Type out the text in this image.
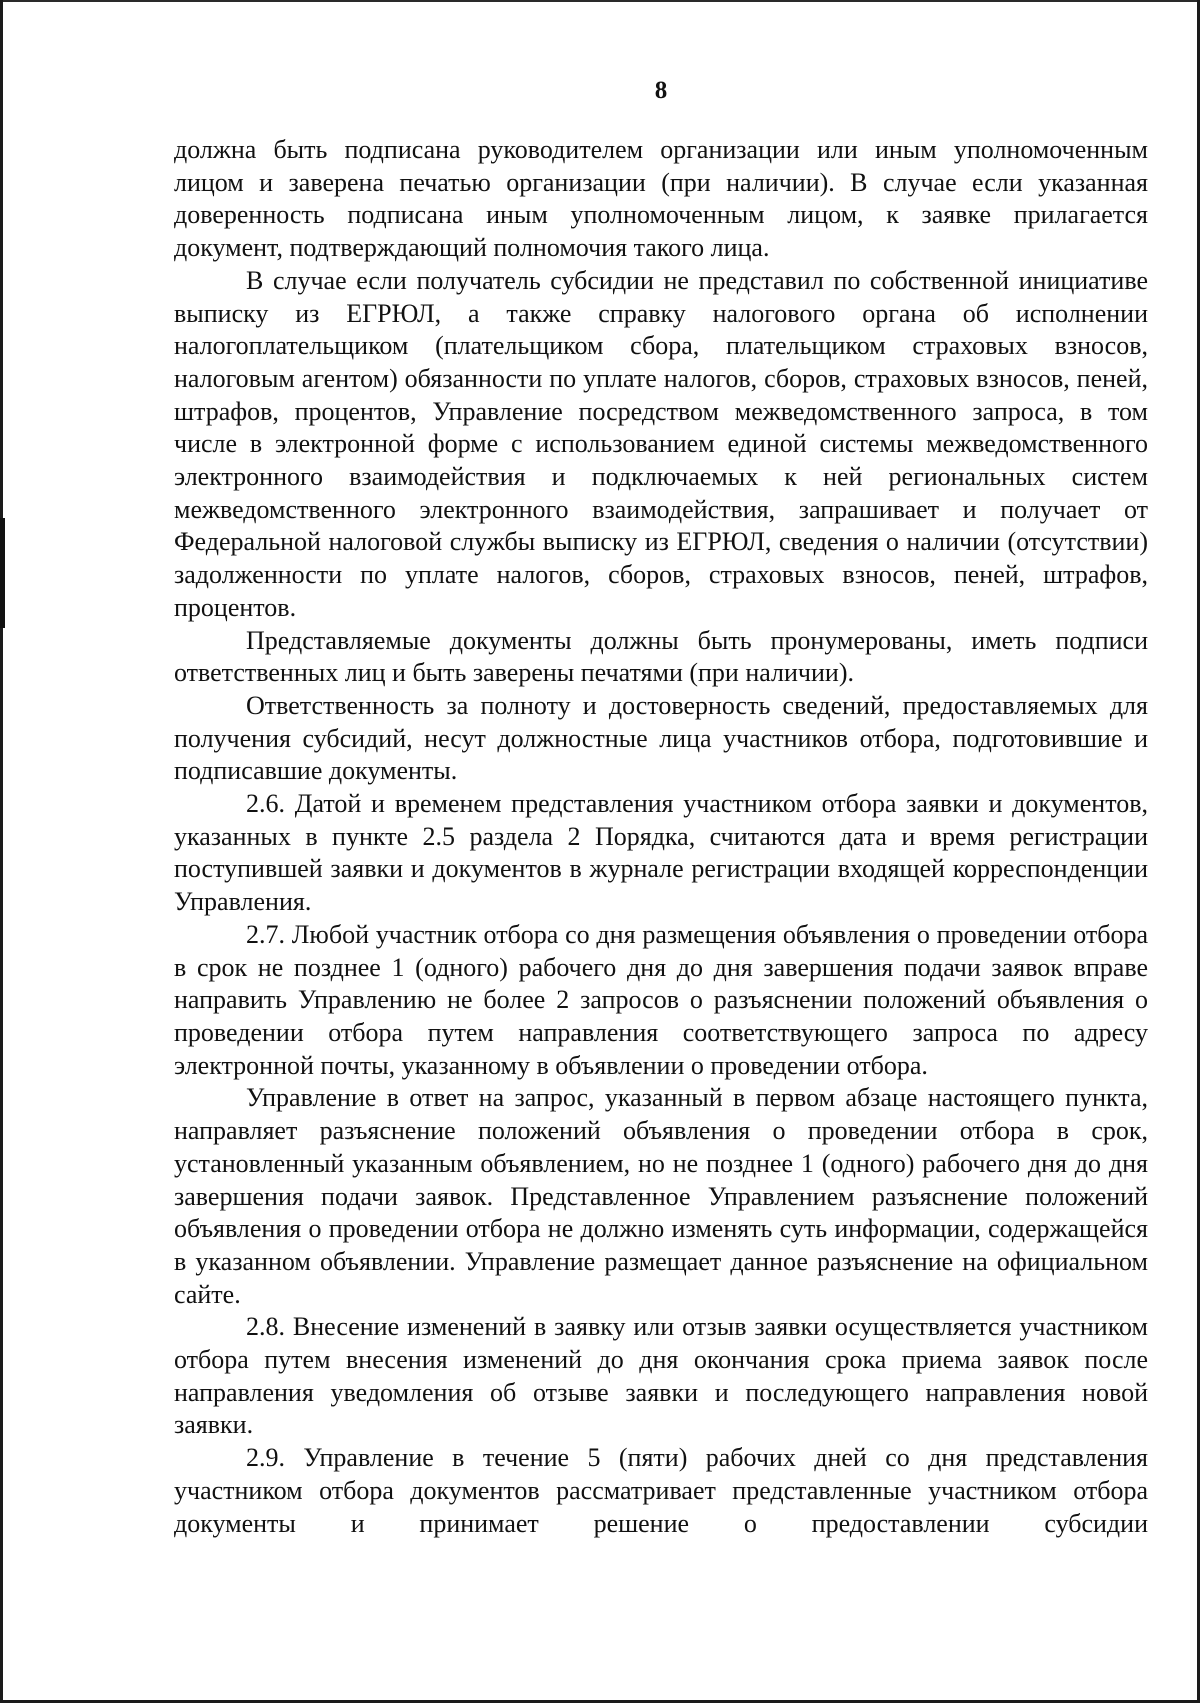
8

должна быть подписана руководителем организации или иным уполномоченным лицом и заверена печатью организации (при наличии). В случае если указанная доверенность подписана иным уполномоченным лицом, к заявке прилагается документ, подтверждающий полномочия такого лица.

В случае если получатель субсидии не представил по собственной инициативе выписку из ЕГРЮЛ, а также справку налогового органа об исполнении налогоплательщиком (плательщиком сбора, плательщиком страховых взносов, налоговым агентом) обязанности по уплате налогов, сборов, страховых взносов, пеней, штрафов, процентов, Управление посредством межведомственного запроса, в том числе в электронной форме с использованием единой системы межведомственного электронного взаимодействия и подключаемых к ней региональных систем межведомственного электронного взаимодействия, запрашивает и получает от Федеральной налоговой службы выписку из ЕГРЮЛ, сведения о наличии (отсутствии) задолженности по уплате налогов, сборов, страховых взносов, пеней, штрафов, процентов.

Представляемые документы должны быть пронумерованы, иметь подписи ответственных лиц и быть заверены печатями (при наличии).

Ответственность за полноту и достоверность сведений, предоставляемых для получения субсидий, несут должностные лица участников отбора, подготовившие и подписавшие документы.

2.6. Датой и временем представления участником отбора заявки и документов, указанных в пункте 2.5 раздела 2 Порядка, считаются дата и время регистрации поступившей заявки и документов в журнале регистрации входящей корреспонденции Управления.

2.7. Любой участник отбора со дня размещения объявления о проведении отбора в срок не позднее 1 (одного) рабочего дня до дня завершения подачи заявок вправе направить Управлению не более 2 запросов о разъяснении положений объявления о проведении отбора путем направления соответствующего запроса по адресу электронной почты, указанному в объявлении о проведении отбора.

Управление в ответ на запрос, указанный в первом абзаце настоящего пункта, направляет разъяснение положений объявления о проведении отбора в срок, установленный указанным объявлением, но не позднее 1 (одного) рабочего дня до дня завершения подачи заявок. Представленное Управлением разъяснение положений объявления о проведении отбора не должно изменять суть информации, содержащейся в указанном объявлении. Управление размещает данное разъяснение на официальном сайте.

2.8. Внесение изменений в заявку или отзыв заявки осуществляется участником отбора путем внесения изменений до дня окончания срока приема заявок после направления уведомления об отзыве заявки и последующего направления новой заявки.

2.9. Управление в течение 5 (пяти) рабочих дней со дня представления участником отбора документов рассматривает представленные участником отбора документы и принимает решение о предоставлении субсидии
